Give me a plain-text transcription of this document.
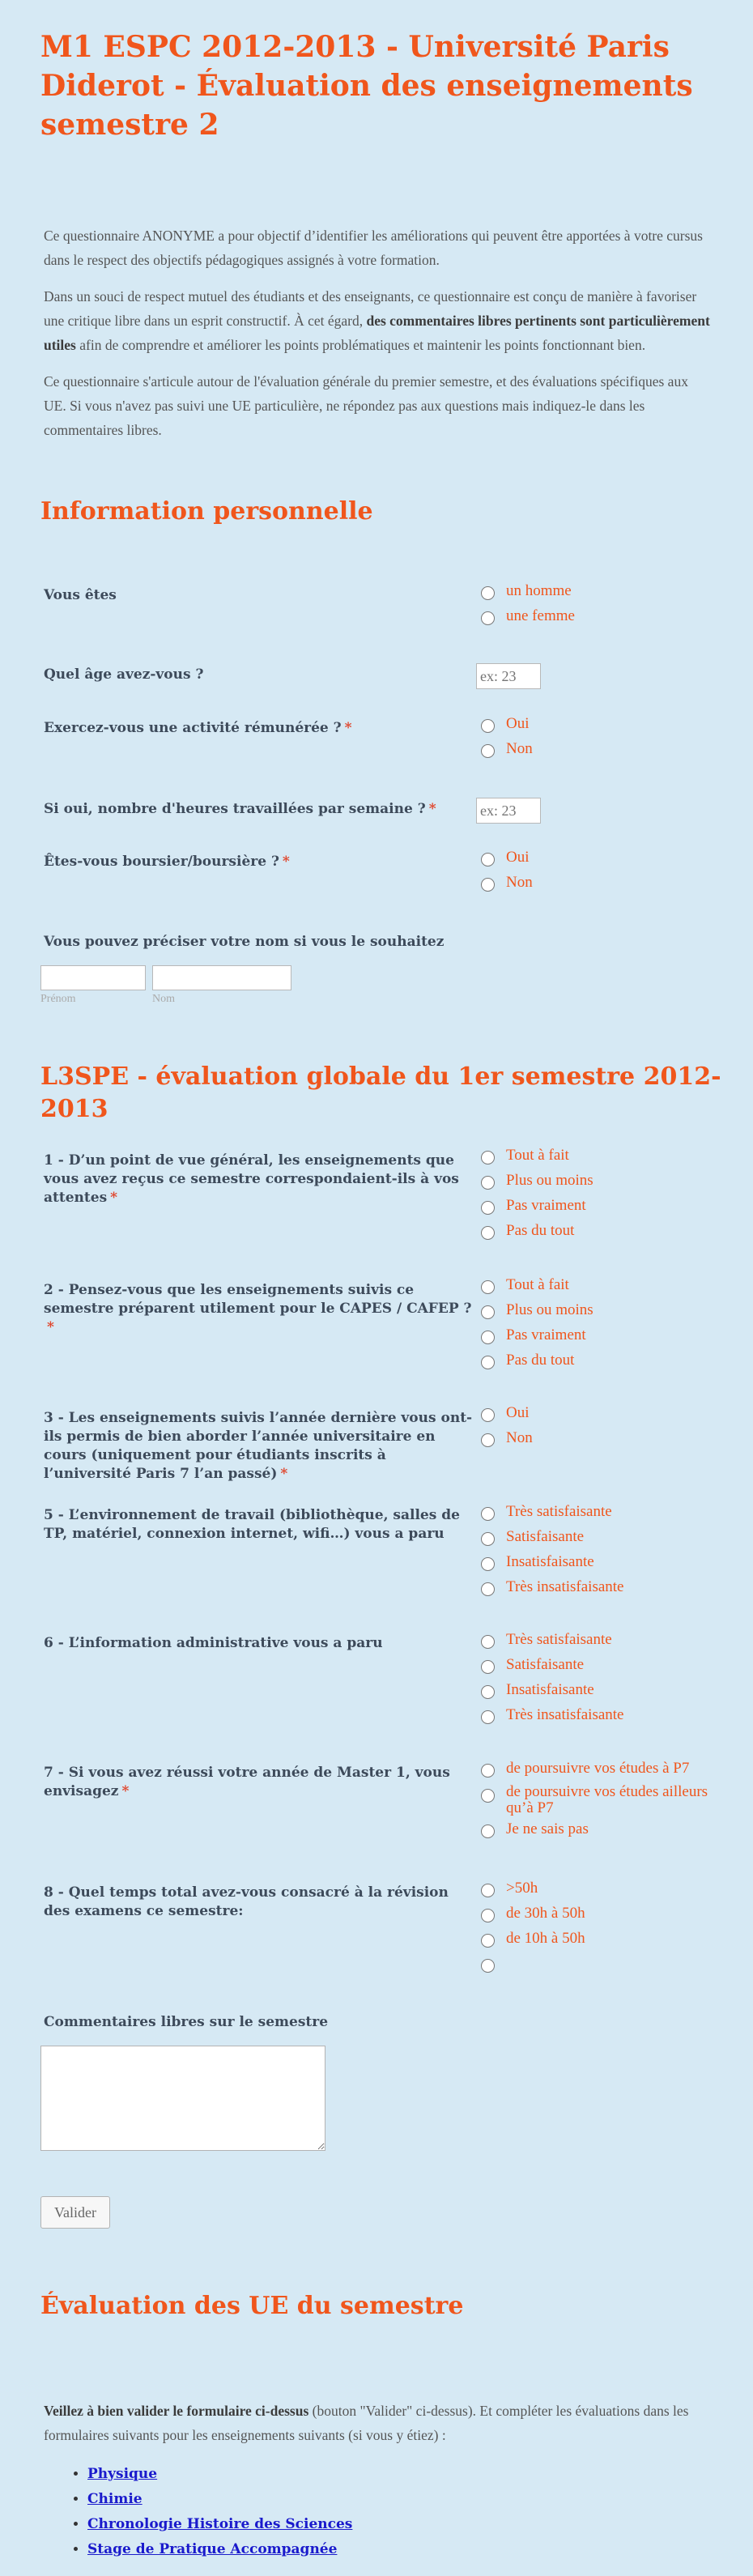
M1 ESPC 2012-2013 - Université Paris Diderot - Évaluation des enseignements semestre 2

Ce questionnaire ANONYME a pour objectif d’identifier les améliorations qui peuvent être apportées à votre cursus dans le respect des objectifs pédagogiques assignés à votre formation.

Dans un souci de respect mutuel des étudiants et des enseignants, ce questionnaire est conçu de manière à favoriser une critique libre dans un esprit constructif. À cet égard, des commentaires libres pertinents sont particulièrement utiles afin de comprendre et améliorer les points problématiques et maintenir les points fonctionnant bien.

Ce questionnaire s'articule autour de l'évaluation générale du premier semestre, et des évaluations spécifiques aux UE. Si vous n'avez pas suivi une UE particulière, ne répondez pas aux questions mais indiquez-le dans les commentaires libres.

Information personnelle
Vous êtes	un homme
une femme
Quel âge avez-vous ?
ex: 23
Exercez-vous une activité rémunérée ? *	Oui
Non
Si oui, nombre d'heures travaillées par semaine ? *
ex: 23
Êtes-vous boursier/boursière ? *	Oui
Non
Vous pouvez préciser votre nom si vous le souhaitez
Prénom	Nom
L3SPE - évaluation globale du 1er semestre 2012-2013
1 - D’un point de vue général, les enseignements que vous avez reçus ce semestre correspondaient-ils à vos attentes *
Tout à fait
Plus ou moins
Pas vraiment
Pas du tout
2 - Pensez-vous que les enseignements suivis ce semestre préparent utilement pour le CAPES / CAFEP ?*
Tout à fait
Plus ou moins
Pas vraiment
Pas du tout
3 - Les enseignements suivis l’année dernière vous ont-ils permis de bien aborder l’année universitaire en cours (uniquement pour étudiants inscrits à l’université Paris 7 l’an passé) *
Oui
Non
5 - L’environnement de travail (bibliothèque, salles de TP, matériel, connexion internet, wifi…) vous a paru
Très satisfaisante
Satisfaisante
Insatisfaisante
Très insatisfaisante
6 - L’information administrative vous a paru	Très satisfaisante
Satisfaisante
Insatisfaisante
Très insatisfaisante
7 - Si vous avez réussi votre année de Master 1, vous envisagez *
de poursuivre vos études à P7
de poursuivre vos études ailleurs qu’à P7
Je ne sais pas
8 - Quel temps total avez-vous consacré à la révision des examens ce semestre:
>50h
de 30h à 50h
de 10h à 50h
Commentaires libres sur le semestre
Valider
Évaluation des UE du semestre
Veillez à bien valider le formulaire ci-dessus (bouton "Valider" ci-dessus). Et compléter les évaluations dans les formulaires suivants pour les enseignements suivants (si vous y étiez) :
• Physique
• Chimie
• Chronologie Histoire des Sciences
• Stage de Pratique Accompagnée
